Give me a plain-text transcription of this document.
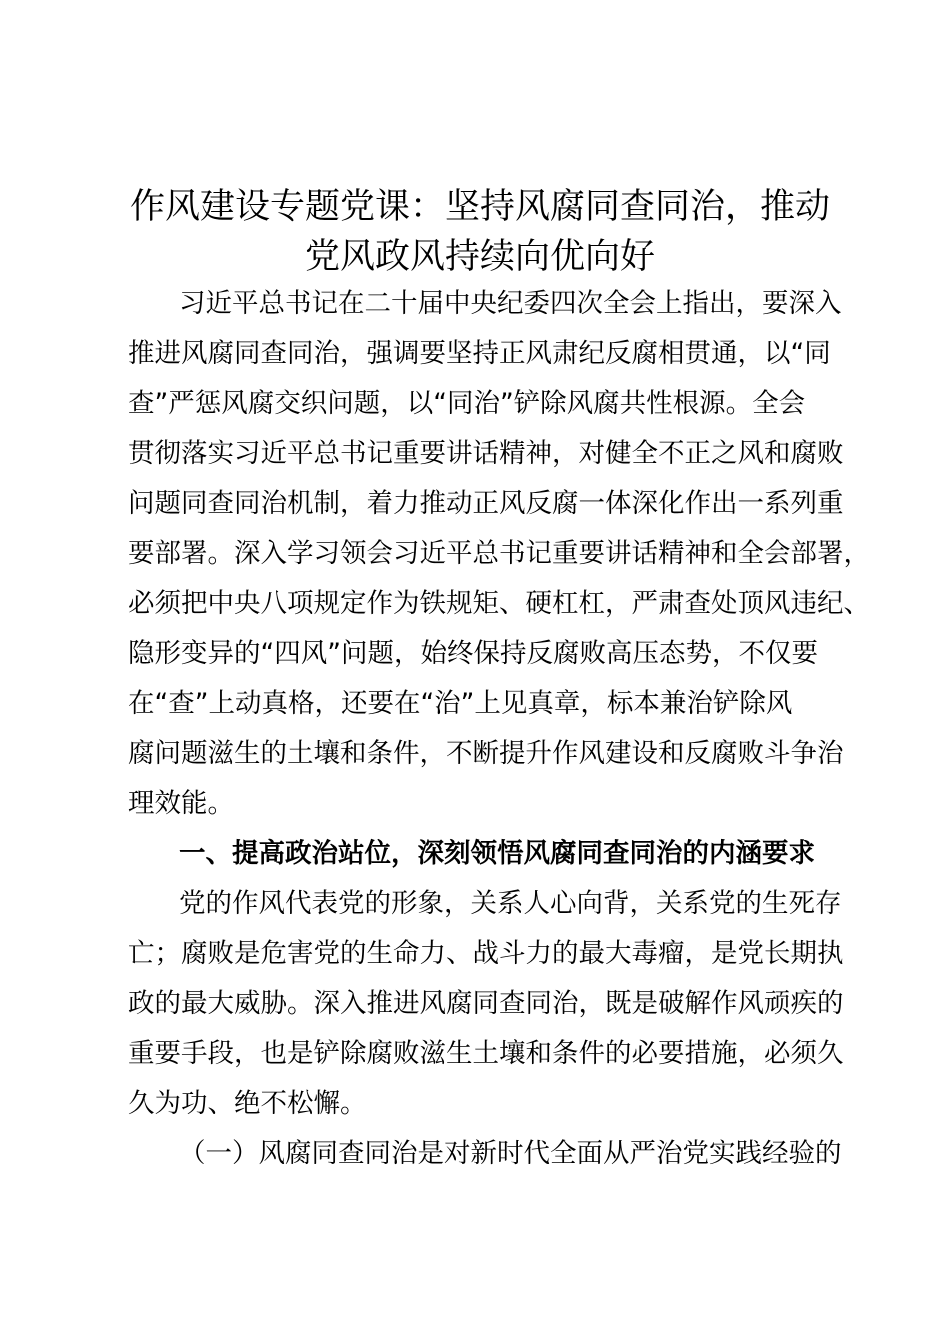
作风建设专题党课：坚持风腐同查同治，推动
党风政风持续向优向好
习近平总书记在二十届中央纪委四次全会上指出，要深入
推进风腐同查同治，强调要坚持正风肃纪反腐相贯通，以“同
查”严惩风腐交织问题，以“同治”铲除风腐共性根源。全会
贯彻落实习近平总书记重要讲话精神，对健全不正之风和腐败
问题同查同治机制，着力推动正风反腐一体深化作出一系列重
要部署。深入学习领会习近平总书记重要讲话精神和全会部署，
必须把中央八项规定作为铁规矩、硬杠杠，严肃查处顶风违纪、
隐形变异的“四风”问题，始终保持反腐败高压态势，不仅要
在“查”上动真格，还要在“治”上见真章，标本兼治铲除风
腐问题滋生的土壤和条件，不断提升作风建设和反腐败斗争治
理效能。
一、提高政治站位，深刻领悟风腐同查同治的内涵要求
党的作风代表党的形象，关系人心向背，关系党的生死存
亡；腐败是危害党的生命力、战斗力的最大毒瘤，是党长期执
政的最大威胁。深入推进风腐同查同治，既是破解作风顽疾的
重要手段，也是铲除腐败滋生土壤和条件的必要措施，必须久
久为功、绝不松懈。
（一）风腐同查同治是对新时代全面从严治党实践经验的
